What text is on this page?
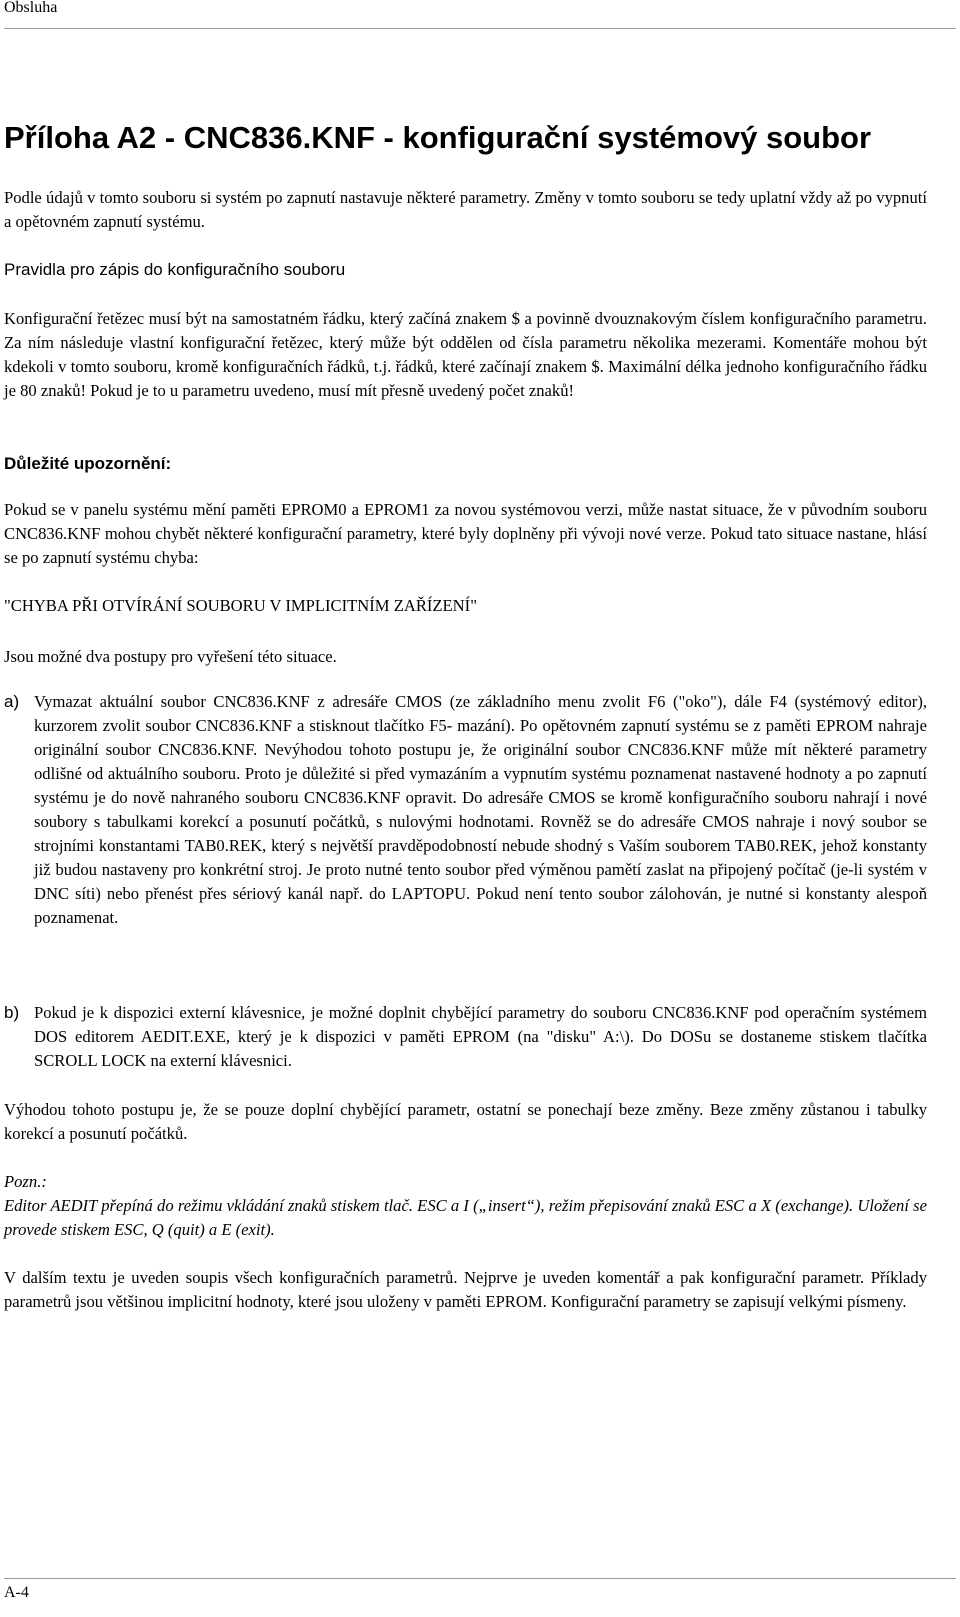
Obsluha
Příloha A2 - CNC836.KNF - konfigurační systémový soubor

Podle údajů v tomto souboru si systém po zapnutí nastavuje některé parametry. Změny v tomto souboru se tedy uplatní vždy až po vypnutí a opětovném zapnutí systému.

Pravidla pro zápis do konfiguračního souboru

Konfigurační řetězec musí být na samostatném řádku, který začíná znakem $ a povinně dvouznakovým číslem konfiguračního parametru. Za ním následuje vlastní konfigurační řetězec, který může být oddělen od čísla parametru několika mezerami. Komentáře mohou být kdekoli v tomto souboru, kromě konfiguračních řádků, t.j. řádků, které začínají znakem $. Maximální délka jednoho konfiguračního řádku je 80 znaků! Pokud je to u parametru uvedeno, musí mít přesně uvedený počet znaků!

Důležité upozornění:

Pokud se v panelu systému mění paměti EPROM0 a EPROM1 za novou systémovou verzi, může nastat situace, že v původním souboru CNC836.KNF mohou chybět některé konfigurační parametry, které byly doplněny při vývoji nové verze. Pokud tato situace nastane, hlásí se po zapnutí systému chyba:

"CHYBA PŘI OTVÍRÁNÍ SOUBORU V IMPLICITNÍM ZAŘÍZENÍ"

Jsou možné dva postupy pro vyřešení této situace.

a) Vymazat aktuální soubor CNC836.KNF z adresáře CMOS (ze základního menu zvolit F6 ("oko"), dále F4 (systémový editor), kurzorem zvolit soubor CNC836.KNF a stisknout tlačítko F5- mazání). Po opětovném zapnutí systému se z paměti EPROM nahraje originální soubor CNC836.KNF. Nevýhodou tohoto postupu je, že originální soubor CNC836.KNF může mít některé parametry odlišné od aktuálního souboru. Proto je důležité si před vymazáním a vypnutím systému poznamenat nastavené hodnoty a po zapnutí systému je do nově nahraného souboru CNC836.KNF opravit. Do adresáře CMOS se kromě konfiguračního souboru nahrají i nové soubory s tabulkami korekcí a posunutí počátků, s nulovými hodnotami. Rovněž se do adresáře CMOS nahraje i nový soubor se strojními konstantami TAB0.REK, který s největší pravděpodobností nebude shodný s Vaším souborem TAB0.REK, jehož konstanty již budou nastaveny pro konkrétní stroj. Je proto nutné tento soubor před výměnou pamětí zaslat na připojený počítač (je-li systém v DNC síti) nebo přenést přes sériový kanál např. do LAPTOPU. Pokud není tento soubor zálohován, je nutné si konstanty alespoň poznamenat.

b) Pokud je k dispozici externí klávesnice, je možné doplnit chybějící parametry do souboru CNC836.KNF pod operačním systémem DOS editorem AEDIT.EXE, který je k dispozici v paměti EPROM (na "disku" A:\). Do DOSu se dostaneme stiskem tlačítka SCROLL LOCK na externí klávesnici.

Výhodou tohoto postupu je, že se pouze doplní chybějící parametr, ostatní se ponechají beze změny. Beze změny zůstanou i tabulky korekcí a posunutí počátků.

Pozn.:

Editor AEDIT přepíná do režimu vkládání znaků stiskem tlač. ESC a I („insert“), režim přepisování znaků ESC a X (exchange). Uložení se provede stiskem ESC, Q (quit) a E (exit).

V dalším textu je uveden soupis všech konfiguračních parametrů. Nejprve je uveden komentář a pak konfigurační parametr. Příklady parametrů jsou většinou implicitní hodnoty, které jsou uloženy v paměti EPROM. Konfigurační parametry se zapisují velkými písmeny.

A-4
